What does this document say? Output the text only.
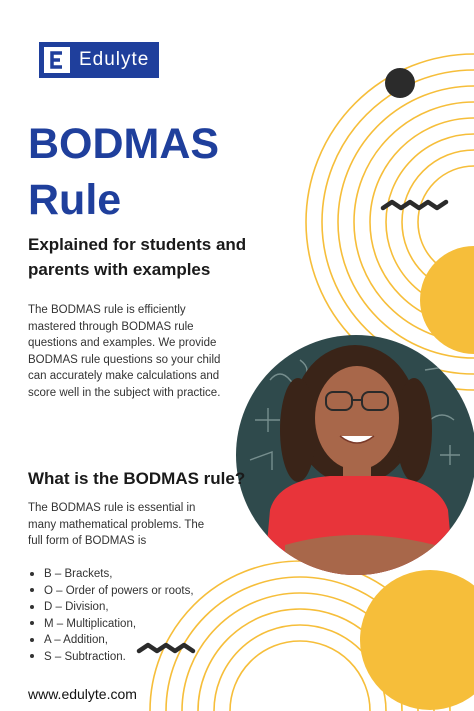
Edulyte
BODMAS
Rule

Explained for students and parents with examples

The BODMAS rule is efficiently mastered through BODMAS rule questions and examples. We provide BODMAS rule questions so your child can accurately make calculations and score well in the subject with practice.

What is the BODMAS rule?

The BODMAS rule is essential in many mathematical problems. The full form of BODMAS is

B – Brackets,
O – Order of powers or roots,
D – Division,
M – Multiplication,
A – Addition,
S – Subtraction.

www.edulyte.com
